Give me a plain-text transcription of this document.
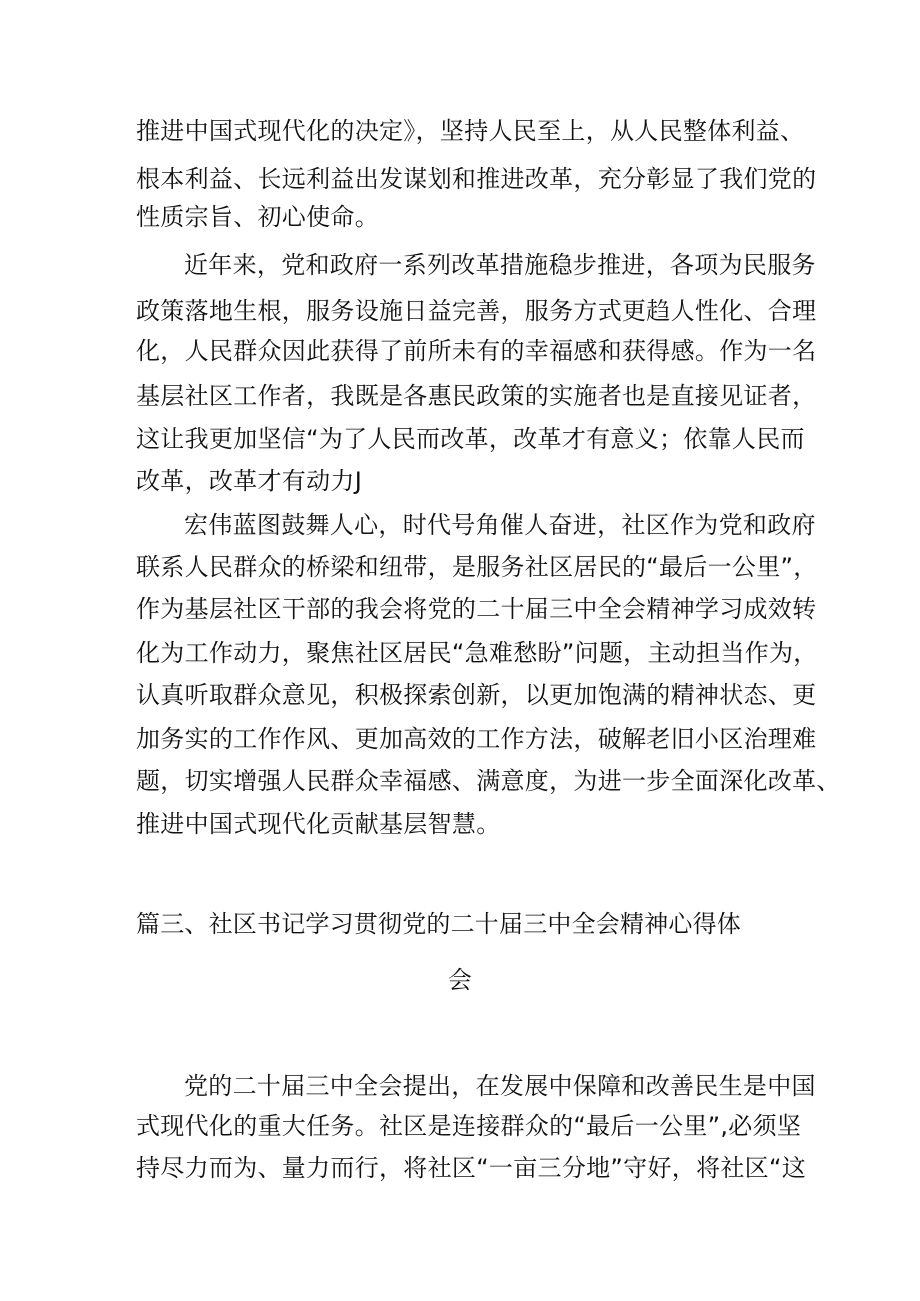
推进中国式现代化的决定》，坚持人民至上，从人民整体利益、
根本利益、长远利益出发谋划和推进改革，充分彰显了我们党的
性质宗旨、初心使命。
近年来，党和政府一系列改革措施稳步推进，各项为民服务
政策落地生根，服务设施日益完善，服务方式更趋人性化、合理
化，人民群众因此获得了前所未有的幸福感和获得感。作为一名
基层社区工作者，我既是各惠民政策的实施者也是直接见证者，
这让我更加坚信“为了人民而改革，改革才有意义；依靠人民而
改革，改革才有动力J
宏伟蓝图鼓舞人心，时代号角催人奋进，社区作为党和政府
联系人民群众的桥梁和纽带，是服务社区居民的“最后一公里”，
作为基层社区干部的我会将党的二十届三中全会精神学习成效转
化为工作动力，聚焦社区居民“急难愁盼”问题，主动担当作为，
认真听取群众意见，积极探索创新，以更加饱满的精神状态、更
加务实的工作作风、更加高效的工作方法，破解老旧小区治理难
题，切实增强人民群众幸福感、满意度，为进一步全面深化改革、
推进中国式现代化贡献基层智慧。
篇三、社区书记学习贯彻党的二十届三中全会精神心得体
会
党的二十届三中全会提出，在发展中保障和改善民生是中国
式现代化的重大任务。社区是连接群众的“最后一公里”,必须坚
持尽力而为、量力而行，将社区“一亩三分地”守好，将社区“这
